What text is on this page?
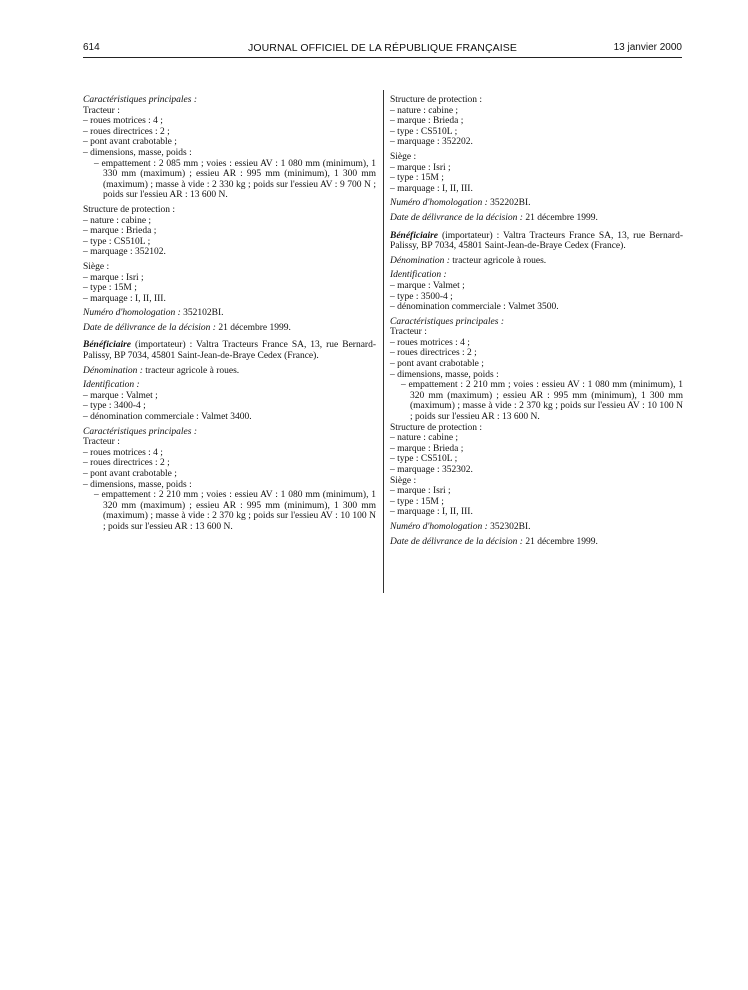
614	JOURNAL OFFICIEL DE LA RÉPUBLIQUE FRANÇAISE	13 janvier 2000

Caractéristiques principales :

Tracteur :

– roues motrices : 4 ;

– roues directrices : 2 ;

– pont avant crabotable ;

– dimensions, masse, poids :

– empattement : 2 085 mm ; voies : essieu AV : 1 080 mm (minimum), 1 330 mm (maximum) ; essieu AR : 995 mm (minimum), 1 300 mm (maximum) ; masse à vide : 2 330 kg ; poids sur l'essieu AV : 9 700 N ; poids sur l'essieu AR : 13 600 N.

Structure de protection :

– nature : cabine ;

– marque : Brieda ;

– type : CS510L ;

– marquage : 352102.

Siège :

– marque : Isri ;

– type : 15M ;

– marquage : I, II, III.

Numéro d'homologation : 352102BI.

Date de délivrance de la décision : 21 décembre 1999.

Bénéficiaire (importateur) : Valtra Tracteurs France SA, 13, rue Bernard-Palissy, BP 7034, 45801 Saint-Jean-de-Braye Cedex (France).

Dénomination : tracteur agricole à roues.

Identification :

– marque : Valmet ;

– type : 3400-4 ;

– dénomination commerciale : Valmet 3400.

Caractéristiques principales :

Tracteur :

– roues motrices : 4 ;

– roues directrices : 2 ;

– pont avant crabotable ;

– dimensions, masse, poids :

– empattement : 2 210 mm ; voies : essieu AV : 1 080 mm (minimum), 1 320 mm (maximum) ; essieu AR : 995 mm (minimum), 1 300 mm (maximum) ; masse à vide : 2 370 kg ; poids sur l'essieu AV : 10 100 N ; poids sur l'essieu AR : 13 600 N.

Structure de protection :

– nature : cabine ;

– marque : Brieda ;

– type : CS510L ;

– marquage : 352202.

Siège :

– marque : Isri ;

– type : 15M ;

– marquage : I, II, III.

Numéro d'homologation : 352202BI.

Date de délivrance de la décision : 21 décembre 1999.

Bénéficiaire (importateur) : Valtra Tracteurs France SA, 13, rue Bernard-Palissy, BP 7034, 45801 Saint-Jean-de-Braye Cedex (France).

Dénomination : tracteur agricole à roues.

Identification :

– marque : Valmet ;

– type : 3500-4 ;

– dénomination commerciale : Valmet 3500.

Caractéristiques principales :

Tracteur :

– roues motrices : 4 ;

– roues directrices : 2 ;

– pont avant crabotable ;

– dimensions, masse, poids :

– empattement : 2 210 mm ; voies : essieu AV : 1 080 mm (minimum), 1 320 mm (maximum) ; essieu AR : 995 mm (minimum), 1 300 mm (maximum) ; masse à vide : 2 370 kg ; poids sur l'essieu AV : 10 100 N ; poids sur l'essieu AR : 13 600 N.

Structure de protection :

– nature : cabine ;

– marque : Brieda ;

– type : CS510L ;

– marquage : 352302.

Siège :

– marque : Isri ;

– type : 15M ;

– marquage : I, II, III.

Numéro d'homologation : 352302BI.

Date de délivrance de la décision : 21 décembre 1999.
